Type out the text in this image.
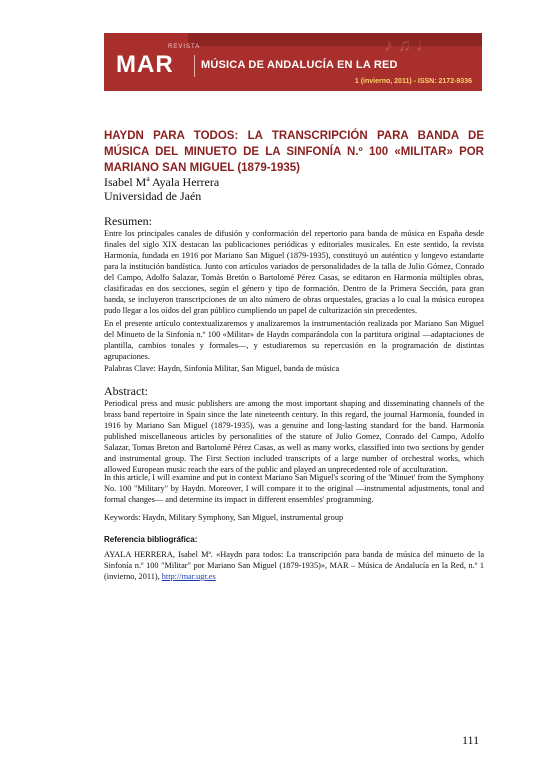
♪ ♫ ♩
REVISTA
MAR MÚSICA DE ANDALUCÍA EN LA RED
1 (invierno, 2011) - ISSN: 2172-9336
HAYDN PARA TODOS: LA TRANSCRIPCIÓN PARA BANDA DE MÚSICA DEL MINUETO DE LA SINFONÍA N.º 100 «MILITAR» POR MARIANO SAN MIGUEL (1879-1935)
Isabel Mª Ayala Herrera
Universidad de Jaén
Resumen:
Entre los principales canales de difusión y conformación del repertorio para banda de música en España desde finales del siglo XIX destacan las publicaciones periódicas y editoriales musicales. En este sentido, la revista Harmonía, fundada en 1916 por Mariano San Miguel (1879-1935), constituyó un auténtico y longevo estandarte para la institución bandística. Junto con artículos variados de personalidades de la talla de Julio Gómez, Conrado del Campo, Adolfo Salazar, Tomás Bretón o Bartolomé Pérez Casas, se editaron en Harmonía múltiples obras, clasificadas en dos secciones, según el género y tipo de formación. Dentro de la Primera Sección, para gran banda, se incluyeron transcripciones de un alto número de obras orquestales, gracias a lo cual la música europea pudo llegar a los oídos del gran público cumpliendo un papel de culturización sin precedentes.
En el presente artículo contextualizaremos y analizaremos la instrumentación realizada por Mariano San Miguel del Minueto de la Sinfonía n.º 100 «Militar» de Haydn comparándola con la partitura original —adaptaciones de plantilla, cambios tonales y formales—, y estudiaremos su repercusión en la programación de distintas agrupaciones.
Palabras Clave: Haydn, Sinfonía Militar, San Miguel, banda de música
Abstract:
Periodical press and music publishers are among the most important shaping and disseminating channels of the brass band repertoire in Spain since the late nineteenth century. In this regard, the journal Harmonía, founded in 1916 by Mariano San Miguel (1879-1935), was a genuine and long-lasting standard for the band. Harmonía published miscellaneous articles by personalities of the stature of Julio Gomez, Conrado del Campo, Adolfo Salazar, Tomas Breton and Bartolomé Pérez Casas, as well as many works, classified into two sections by gender and instrumental group. The First Section included transcripts of a large number of orchestral works, which allowed European music reach the ears of the public and played an unprecedented role of acculturation.
In this article, I will examine and put in context Mariano San Miguel's scoring of the 'Minuet' from the Symphony No. 100 "Military" by Haydn. Moreover, I will compare it to the original —instrumental adjustments, tonal and formal changes— and determine its impact in different ensembles' programming.
Keywords: Haydn, Military Symphony, San Miguel, instrumental group
Referencia bibliográfica:
AYALA HERRERA, Isabel Mª. «Haydn para todos: La transcripción para banda de música del minueto de la Sinfonía n.º 100 "Militar" por Mariano San Miguel (1879-1935)», MAR – Música de Andalucía en la Red, n.º 1 (invierno, 2011), http://mar.ugr.es
111
